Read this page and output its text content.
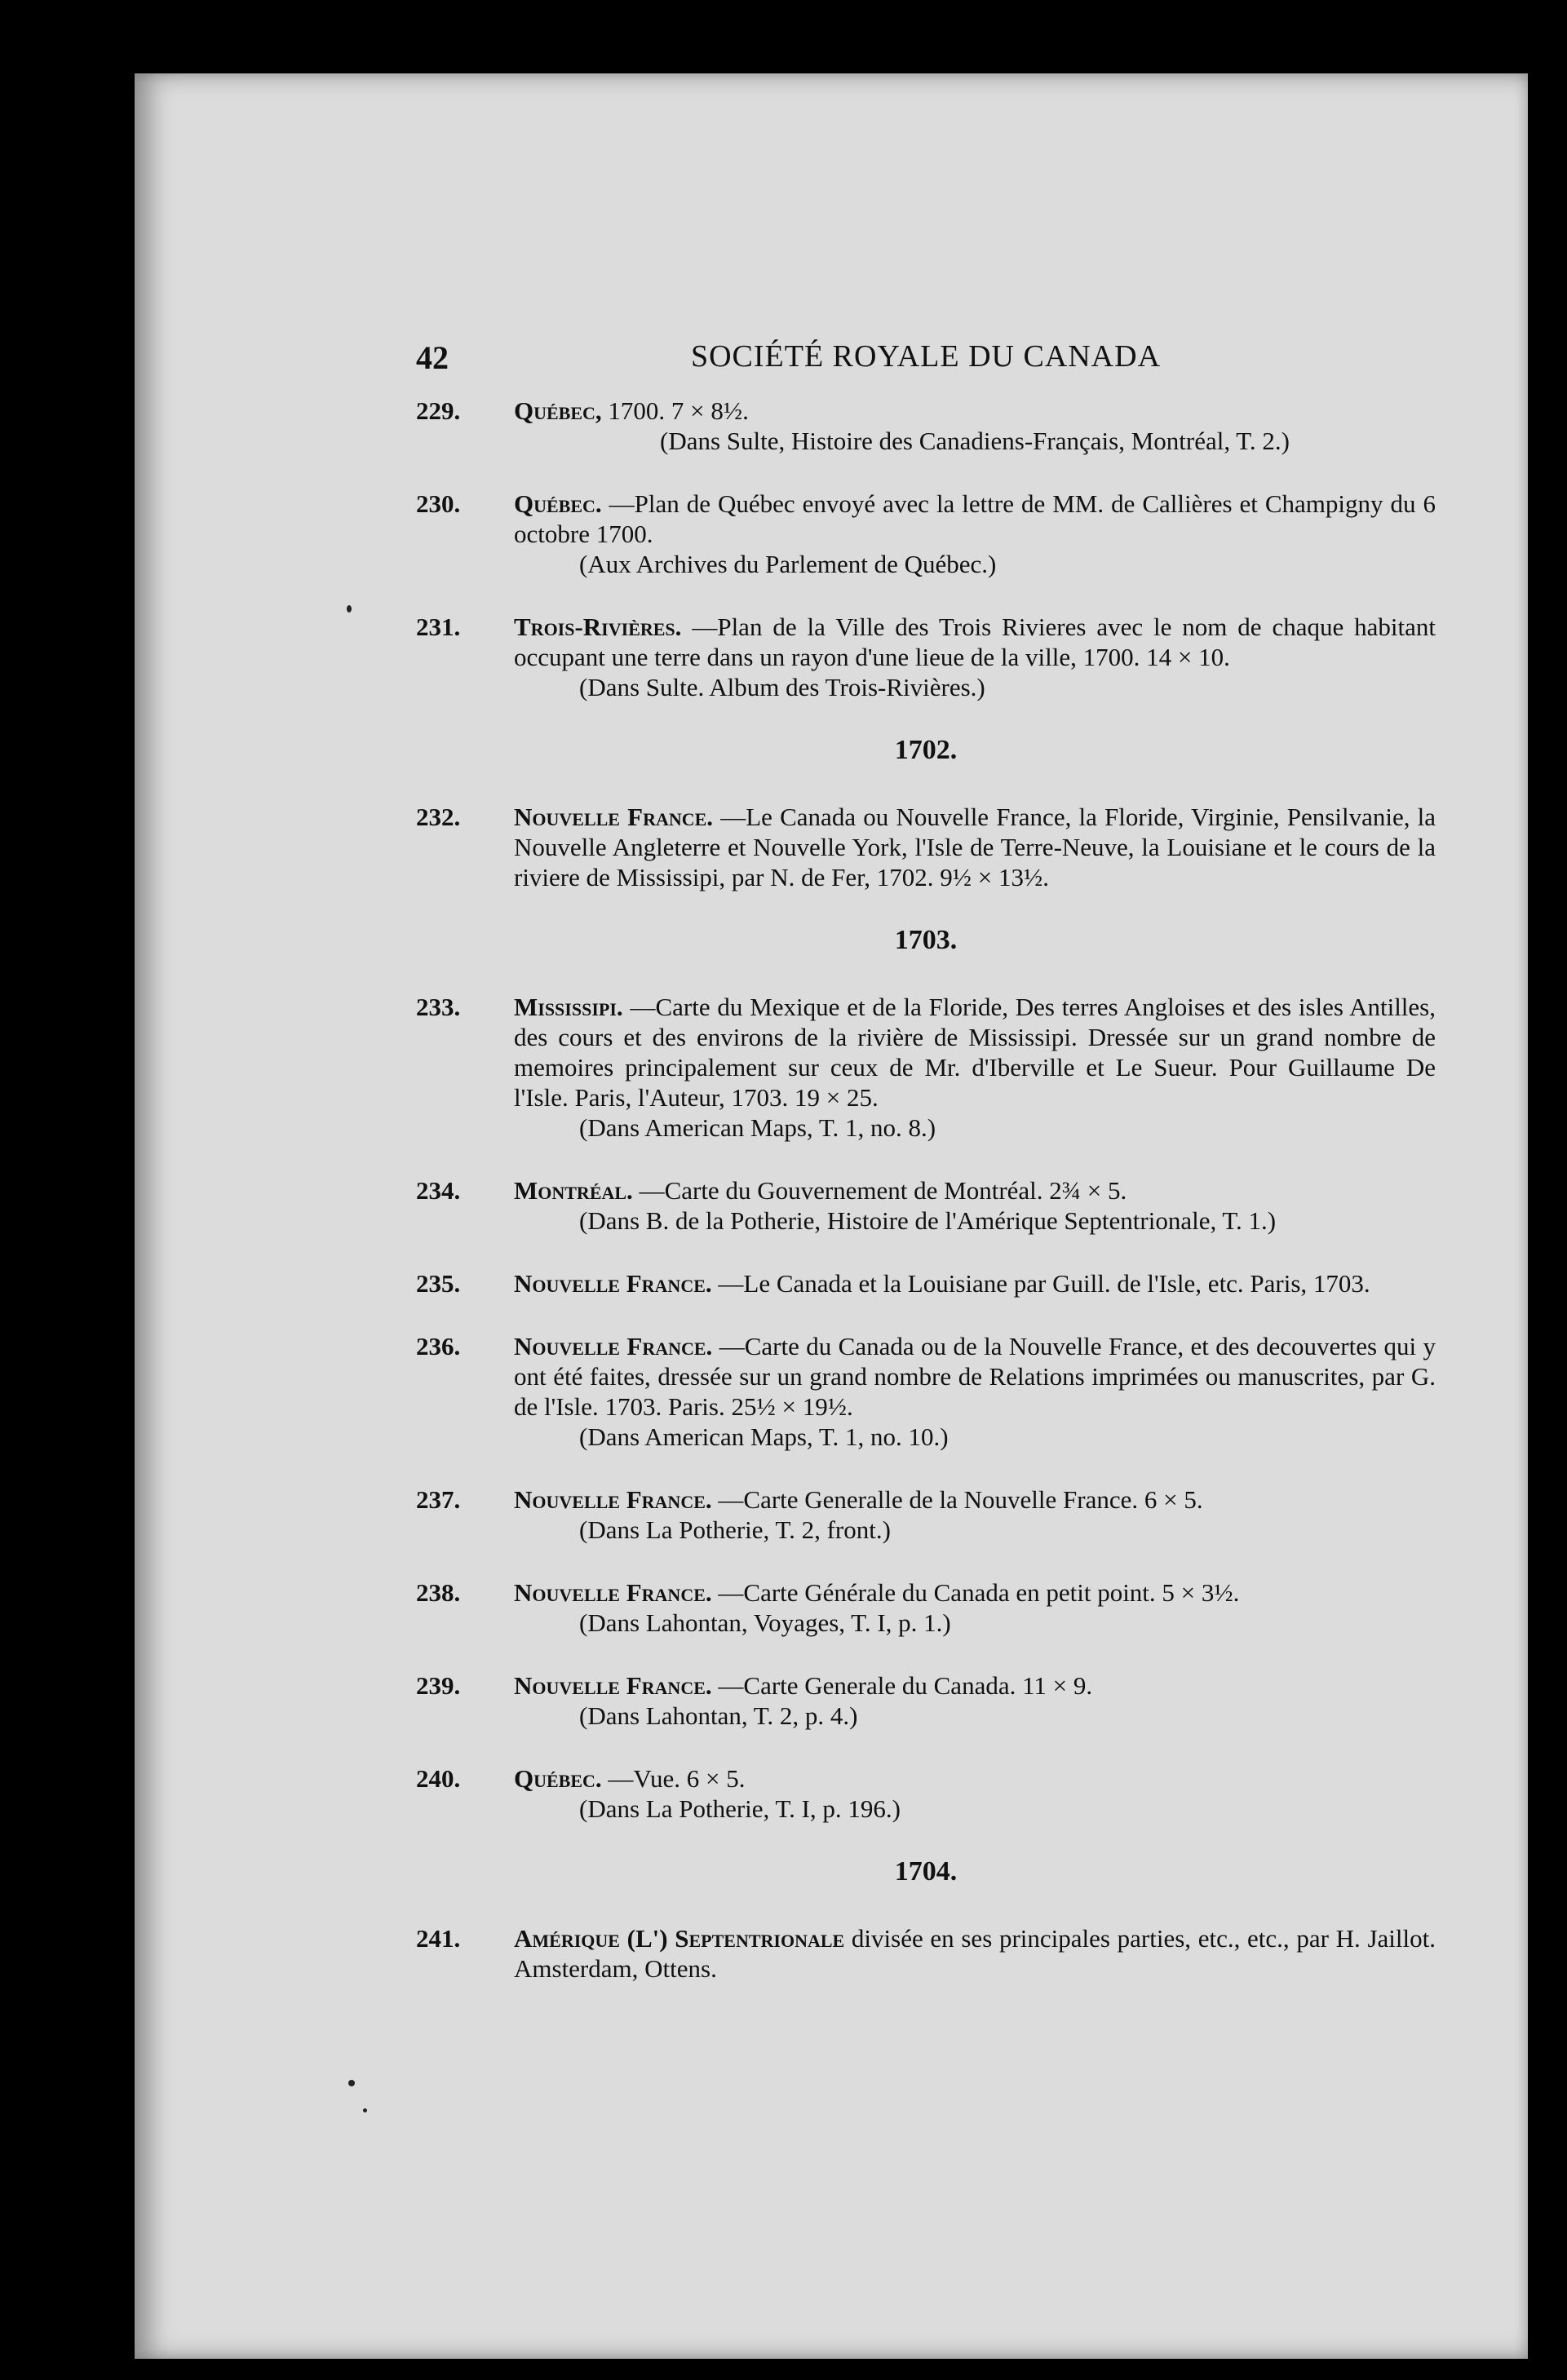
42	SOCIÉTÉ ROYALE DU CANADA
229. Québec, 1700. 7 × 8½.
(Dans Sulte, Histoire des Canadiens-Français, Montréal, T. 2.)
230. Québec. —Plan de Québec envoyé avec la lettre de MM. de Callières et Champigny du 6 octobre 1700.
(Aux Archives du Parlement de Québec.)
231. Trois-Rivières. —Plan de la Ville des Trois Rivieres avec le nom de chaque habitant occupant une terre dans un rayon d'une lieue de la ville, 1700. 14 × 10.
(Dans Sulte. Album des Trois-Rivières.)
1702.
232. Nouvelle France. —Le Canada ou Nouvelle France, la Floride, Virginie, Pensilvanie, la Nouvelle Angleterre et Nouvelle York, l'Isle de Terre-Neuve, la Louisiane et le cours de la riviere de Mississipi, par N. de Fer, 1702. 9½ × 13½.
1703.
233. Mississipi. —Carte du Mexique et de la Floride, Des terres Angloises et des isles Antilles, des cours et des environs de la rivière de Mississipi. Dressée sur un grand nombre de memoires principalement sur ceux de Mr. d'Iberville et Le Sueur. Pour Guillaume De l'Isle. Paris, l'Auteur, 1703. 19 × 25.
(Dans American Maps, T. 1, no. 8.)
234. Montréal. —Carte du Gouvernement de Montréal. 2¾ × 5.
(Dans B. de la Potherie, Histoire de l'Amérique Septentrionale, T. 1.)
235. Nouvelle France. —Le Canada et la Louisiane par Guill. de l'Isle, etc. Paris, 1703.
236. Nouvelle France. —Carte du Canada ou de la Nouvelle France, et des decouvertes qui y ont été faites, dressée sur un grand nombre de Relations imprimées ou manuscrites, par G. de l'Isle. 1703. Paris. 25½ × 19½.
(Dans American Maps, T. 1, no. 10.)
237. Nouvelle France. —Carte Generalle de la Nouvelle France. 6 × 5.
(Dans La Potherie, T. 2, front.)
238. Nouvelle France. —Carte Générale du Canada en petit point. 5 × 3½.
(Dans Lahontan, Voyages, T. I, p. 1.)
239. Nouvelle France. —Carte Generale du Canada. 11 × 9.
(Dans Lahontan, T. 2, p. 4.)
240. Québec. —Vue. 6 × 5.
(Dans La Potherie, T. I, p. 196.)
1704.
241. Amérique (L') Septentrionale divisée en ses principales parties, etc., etc., par H. Jaillot. Amsterdam, Ottens.
